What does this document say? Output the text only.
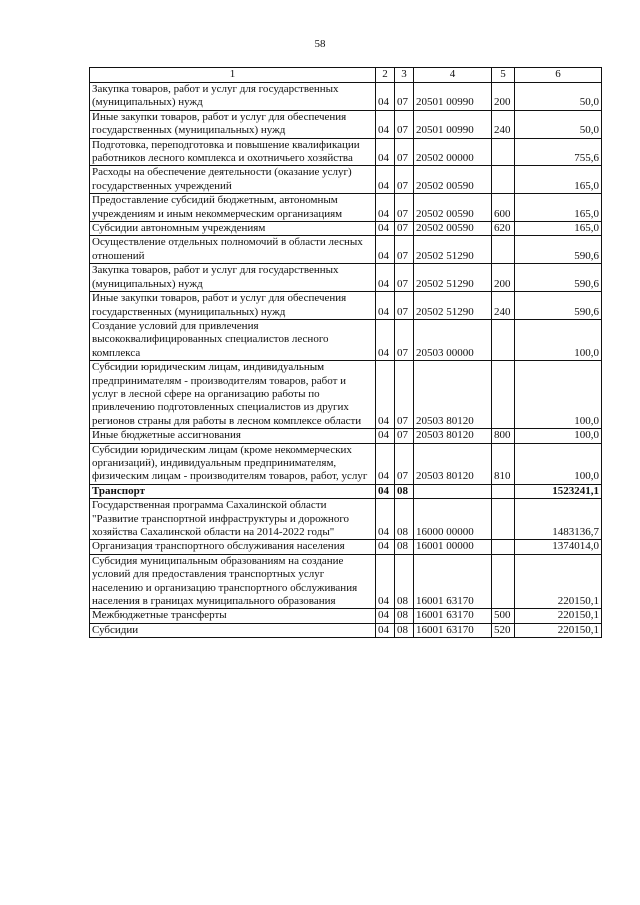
58
1	2	3	4	5	6
Закупка товаров, работ и услуг для государственных (муниципальных) нужд	04	07	20501 00990	200	50,0
Иные закупки товаров, работ и услуг для обеспечения государственных (муниципальных) нужд	04	07	20501 00990	240	50,0
Подготовка, переподготовка и повышение квалификации работников лесного комплекса и охотничьего хозяйства	04	07	20502 00000		755,6
Расходы на обеспечение деятельности (оказание услуг) государственных учреждений	04	07	20502 00590		165,0
Предоставление субсидий бюджетным, автономным учреждениям и иным некоммерческим организациям	04	07	20502 00590	600	165,0
Субсидии автономным учреждениям	04	07	20502 00590	620	165,0
Осуществление отдельных полномочий в области лесных отношений	04	07	20502 51290		590,6
Закупка товаров, работ и услуг для государственных (муниципальных) нужд	04	07	20502 51290	200	590,6
Иные закупки товаров, работ и услуг для обеспечения государственных (муниципальных) нужд	04	07	20502 51290	240	590,6
Создание условий для привлечения высококвалифицированных специалистов лесного комплекса	04	07	20503 00000		100,0
Субсидии юридическим лицам, индивидуальным предпринимателям - производителям товаров, работ и услуг в лесной сфере на организацию работы по привлечению подготовленных специалистов из других регионов страны для работы в лесном комплексе области	04	07	20503 80120		100,0
Иные бюджетные ассигнования	04	07	20503 80120	800	100,0
Субсидии юридическим лицам (кроме некоммерческих организаций), индивидуальным предпринимателям, физическим лицам - производителям товаров, работ, услуг	04	07	20503 80120	810	100,0
Транспорт	04	08			1523241,1
Государственная программа Сахалинской области "Развитие транспортной инфраструктуры и дорожного хозяйства Сахалинской области на 2014-2022 годы"	04	08	16000 00000		1483136,7
Организация транспортного обслуживания населения	04	08	16001 00000		1374014,0
Субсидия муниципальным образованиям на создание условий для предоставления транспортных услуг населению и организацию транспортного обслуживания населения в границах муниципального образования	04	08	16001 63170		220150,1
Межбюджетные трансферты	04	08	16001 63170	500	220150,1
Субсидии	04	08	16001 63170	520	220150,1
